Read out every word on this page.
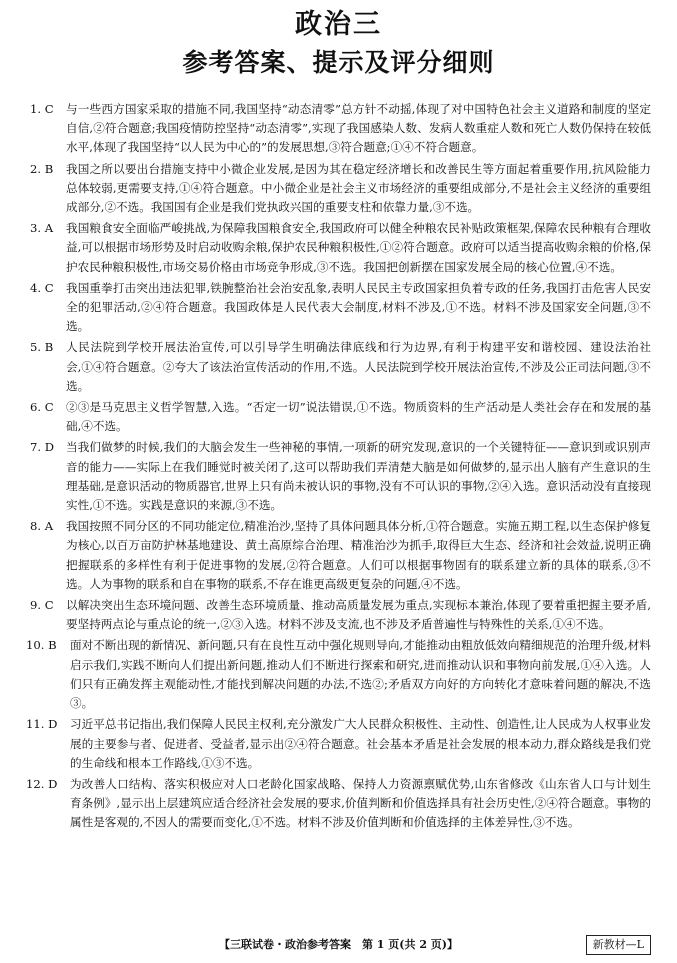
政治三
参考答案、提示及评分细则
1. C	与一些西方国家采取的措施不同,我国坚持“动态清零”总方针不动摇,体现了对中国特色社会主义道路和制度的坚定自信,②符合题意;我国疫情防控坚持“动态清零”,实现了我国感染人数、发病人数重症人数和死亡人数仍保持在较低水平,体现了我国坚持“以人民为中心的”的发展思想,③符合题意;①④不符合题意。
2. B	我国之所以要出台措施支持中小微企业发展,是因为其在稳定经济增长和改善民生等方面起着重要作用,抗风险能力总体较弱,更需要支持,①④符合题意。中小微企业是社会主义市场经济的重要组成部分,不是社会主义经济的重要组成部分,②不选。我国国有企业是我们党执政兴国的重要支柱和依靠力量,③不选。
3. A	我国粮食安全面临严峻挑战,为保障我国粮食安全,我国政府可以健全种粮农民补贴政策框架,保障农民种粮有合理收益,可以根据市场形势及时启动收购余粮,保护农民种粮积极性,①②符合题意。政府可以适当提高收购余粮的价格,保护农民种粮积极性,市场交易价格由市场竞争形成,③不选。我国把创新摆在国家发展全局的核心位置,④不选。
4. C	我国重拳打击突出违法犯罪,铁腕整治社会治安乱象,表明人民民主专政国家担负着专政的任务,我国打击危害人民安全的犯罪活动,②④符合题意。我国政体是人民代表大会制度,材料不涉及,①不选。材料不涉及国家安全问题,③不选。
5. B	人民法院到学校开展法治宣传,可以引导学生明确法律底线和行为边界,有利于构建平安和谐校园、建设法治社会,①④符合题意。②夸大了该法治宣传活动的作用,不选。人民法院到学校开展法治宣传,不涉及公正司法问题,③不选。
6. C	②③是马克思主义哲学智慧,入选。“否定一切”说法错误,①不选。物质资料的生产活动是人类社会存在和发展的基础,④不选。
7. D	当我们做梦的时候,我们的大脑会发生一些神秘的事情,一项新的研究发现,意识的一个关键特征——意识到或识别声音的能力——实际上在我们睡觉时被关闭了,这可以帮助我们弄清楚大脑是如何做梦的,显示出人脑有产生意识的生理基础,是意识活动的物质器官,世界上只有尚未被认识的事物,没有不可认识的事物,②④入选。意识活动没有直接现实性,①不选。实践是意识的来源,③不选。
8. A	我国按照不同分区的不同功能定位,精准治沙,坚持了具体问题具体分析,①符合题意。实施五期工程,以生态保护修复为核心,以百万亩防护林基地建设、黄土高原综合治理、精准治沙为抓手,取得巨大生态、经济和社会效益,说明正确把握联系的多样性有利于促进事物的发展,②符合题意。人们可以根据事物固有的联系建立新的具体的联系,③不选。人为事物的联系和自在事物的联系,不存在谁更高级更复杂的问题,④不选。
9. C	以解决突出生态环境问题、改善生态环境质量、推动高质量发展为重点,实现标本兼治,体现了要着重把握主要矛盾,要坚持两点论与重点论的统一,②③入选。材料不涉及支流,也不涉及矛盾普遍性与特殊性的关系,①④不选。
10. B	面对不断出现的新情况、新问题,只有在良性互动中强化规则导向,才能推动由粗放低效向精细规范的治理升级,材料启示我们,实践不断向人们提出新问题,推动人们不断进行探索和研究,进而推动认识和事物向前发展,①④入选。人们只有正确发挥主观能动性,才能找到解决问题的办法,不选②;矛盾双方向好的方向转化才意味着问题的解决,不选③。
11. D	习近平总书记指出,我们保障人民民主权利,充分激发广大人民群众积极性、主动性、创造性,让人民成为人权事业发展的主要参与者、促进者、受益者,显示出②④符合题意。社会基本矛盾是社会发展的根本动力,群众路线是我们党的生命线和根本工作路线,①③不选。
12. D	为改善人口结构、落实积极应对人口老龄化国家战略、保持人力资源禀赋优势,山东省修改《山东省人口与计划生育条例》,显示出上层建筑应适合经济社会发展的要求,价值判断和价值选择具有社会历史性,②④符合题意。事物的属性是客观的,不因人的需要而变化,①不选。材料不涉及价值判断和价值选择的主体差异性,③不选。
【三联试卷・政治参考答案　第 1 页(共 2 页)】	新教材—L
